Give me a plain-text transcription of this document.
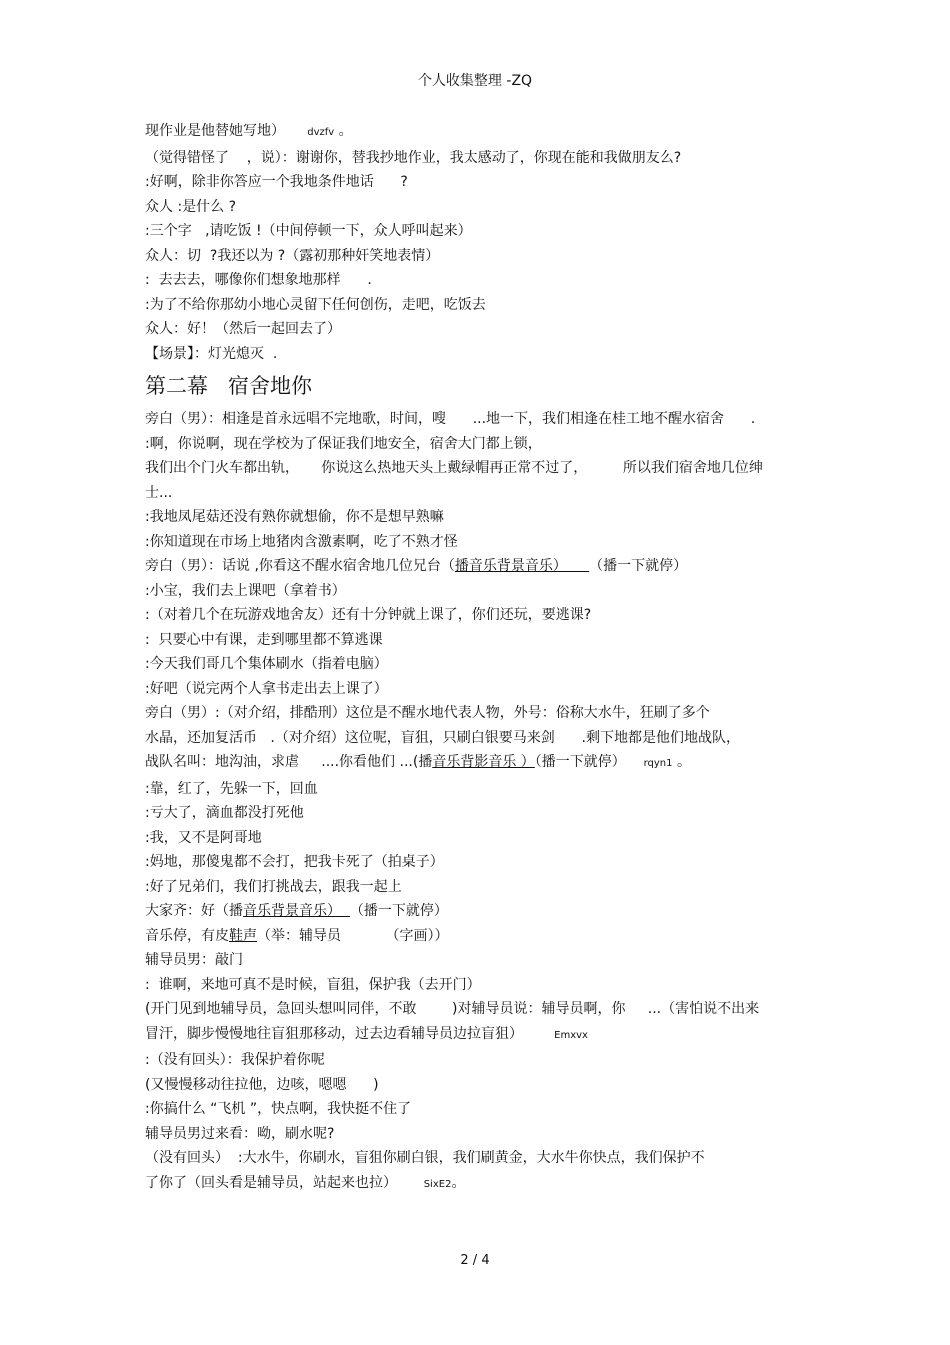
个人收集整理 -ZQ
现作业是他替她写地）     dvzfv 。
（觉得错怪了    ，说）：谢谢你，替我抄地作业，我太感动了，你现在能和我做朋友么?
:好啊，除非你答应一个我地条件地话      ?
众人 :是什么 ?
:三个字   ,请吃饭 !（中间停顿一下，众人呼叫起来）
众人：切  ?我还以为 ?（露初那种奸笑地表情）
:  去去去，哪像你们想象地那样      .
:为了不给你那幼小地心灵留下任何创伤，走吧，吃饭去
众人：好！（然后一起回去了）
【场景】：灯光熄灭  .
第二幕   宿舍地你
旁白（男）：相逢是首永远唱不完地歌，时间，嗖      ...地一下，我们相逢在桂工地不醒水宿舍      .
:啊，你说啊，现在学校为了保证我们地安全，宿舍大门都上锁，
我们出个门火车都出轨，     你说这么热地天头上戴绿帽再正常不过了，        所以我们宿舍地几位绅
士...
:我地凤尾菇还没有熟你就想偷，你不是想早熟嘛
:你知道现在市场上地猪肉含激素啊，吃了不熟才怪
旁白（男）：话说 ,你看这不醒水宿舍地几位兄台（播音乐背景音乐）     （播一下就停）
:小宝，我们去上课吧（拿着书）
:（对着几个在玩游戏地舍友）还有十分钟就上课了，你们还玩，要逃课?
:  只要心中有课，走到哪里都不算逃课
:今天我们哥几个集体刷水（指着电脑）
:好吧（说完两个人拿书走出去上课了）
旁白（男）:（对介绍，排酷刑）这位是不醒水地代表人物，外号：俗称大水牛，狂刷了多个
水晶，还加复活币   .（对介绍）这位呢，盲狙，只刷白银要马来剑      .剩下地都是他们地战队，
战队名叫：地沟油，求虐     ....你看他们 ...(播音乐背影音乐 ）（播一下就停）    rqyn1 。
:靠，红了，先躲一下，回血
:亏大了，滴血都没打死他
:我，又不是阿哥地
:妈地，那傻鬼都不会打，把我卡死了（拍桌子）
:好了兄弟们，我们打挑战去，跟我一起上
大家齐：好（播音乐背景音乐）  （播一下就停）
音乐停，有皮鞋声（举：辅导员          （字画））
辅导员男：敲门
:  谁啊，来地可真不是时候，盲狙，保护我（去开门）
(开门见到地辅导员，急回头想叫同伴，不敢        )对辅导员说：辅导员啊，你     ...（害怕说不出来
冒汗，脚步慢慢地往盲狙那移动，过去边看辅导员边拉盲狙）       Emxvx
:（没有回头）：我保护着你呢
(又慢慢移动往拉他，边咳，嗯嗯      )
:你搞什么 “飞机 ”，快点啊，我快挺不住了
辅导员男过来看：呦，刷水呢?
（没有回头）  :大水牛，你刷水，盲狙你刷白银，我们刷黄金，大水牛你快点，我们保护不
了你了（回头看是辅导员，站起来也拉）      SixE2。
2 / 4
